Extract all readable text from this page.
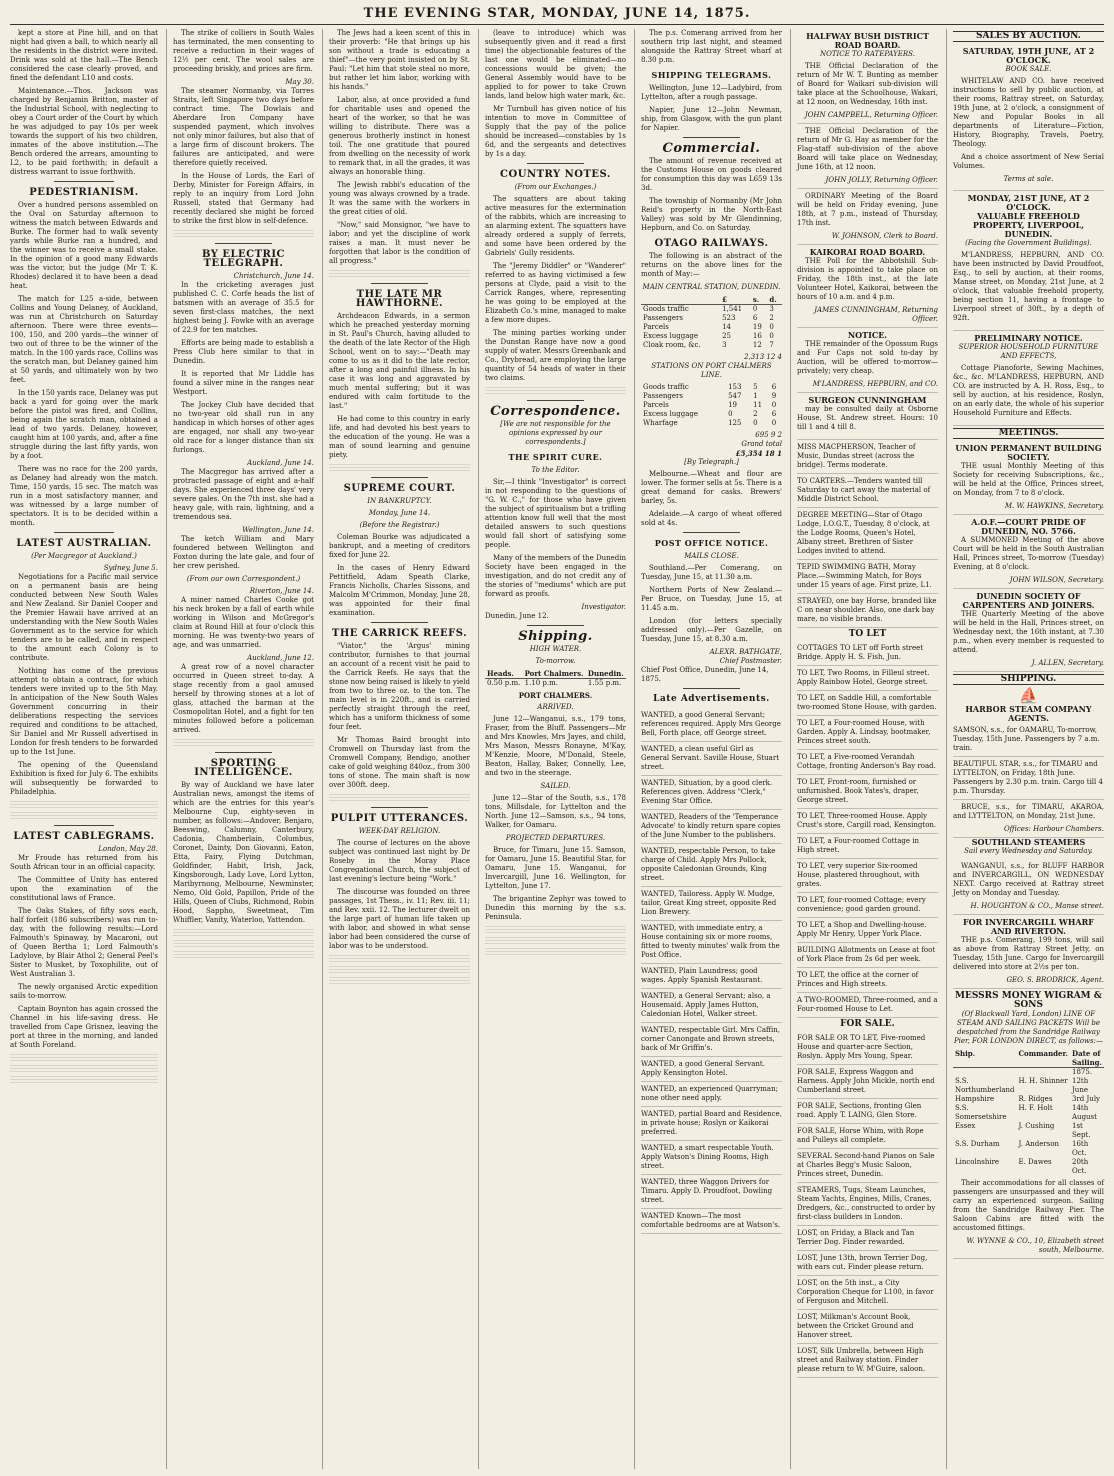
THE EVENING STAR, MONDAY, JUNE 14, 1875.

kept a store at Pine hill, and on that night had given a ball, to which nearly all the residents in the district were invited. Drink was sold at the hall.—The Bench considered the case clearly proved, and fined the defendant L10 and costs.

Maintenance.—Thos. Jackson was charged by Benjamin Britton, master of the Industrial School, with neglecting to obey a Court order of the Court by which he was adjudged to pay 10s per week towards the support of his two children, inmates of the above institution.—The Bench ordered the arrears, amounting to L2, to be paid forthwith; in default a distress warrant to issue forthwith.

PEDESTRIANISM.

Over a hundred persons assembled on the Oval on Saturday afternoon to witness the match between Edwards and Burke. The former had to walk seventy yards while Burke ran a hundred, and the winner was to receive a small stake. In the opinion of a good many Edwards was the victor, but the judge (Mr T. K. Rhodes) declared it to have been a dead heat.

The match for L25 a-side, between Collins and Young Delaney, of Auckland, was run at Christchurch on Saturday afternoon. There were three events—100, 150, and 200 yards—the winner of two out of three to be the winner of the match. In the 100 yards race, Collins was the scratch man, but Delaney gained him at 50 yards, and ultimately won by two feet.

In the 150 yards race, Delaney was put back a yard for going over the mark before the pistol was fired, and Collins, being again the scratch man, obtained a lead of two yards. Delaney, however, caught him at 100 yards, and, after a fine struggle during the last fifty yards, won by a foot.

There was no race for the 200 yards, as Delaney had already won the match. Time, 150 yards, 15 sec. The match was run in a most satisfactory manner, and was witnessed by a large number of spectators. It is to be decided within a month.

LATEST AUSTRALIAN.
(Per Macgregor at Auckland.)
Sydney, June 5.

Negotiations for a Pacific mail service on a permanent basis are being conducted between New South Wales and New Zealand. Sir Daniel Cooper and the Premier Hawaii have arrived at an understanding with the New South Wales Government as to the service for which tenders are to be called, and in respect to the amount each Colony is to contribute.

Nothing has come of the previous attempt to obtain a contract, for which tenders were invited up to the 5th May. In anticipation of the New South Wales Government concurring in their deliberations respecting the services required and conditions to be attached, Sir Daniel and Mr Russell advertised in London for fresh tenders to be forwarded up to the 1st June.

The opening of the Queensland Exhibition is fixed for July 6. The exhibits will subsequently be forwarded to Philadelphia.

LATEST CABLEGRAMS.
London, May 28.

Mr Froude has returned from his South African tour in an official capacity.

The Committee of Unity has entered upon the examination of the constitutional laws of France.

The Oaks Stakes, of fifty sovs each, half forfeit (186 subscribers) was run to-day, with the following results:—Lord Falmouth's Spinaway, by Macaroni, out of Queen Bertha 1; Lord Falmouth's Ladylove, by Blair Athol 2; General Peel's Sister to Musket, by Toxophilite, out of West Australian 3.

The newly organised Arctic expedition sails to-morrow.

Captain Boynton has again crossed the Channel in his life-saving dress. He travelled from Cape Grisnez, leaving the port at three in the morning, and landed at South Foreland.

The strike of colliers in South Wales has terminated, the men consenting to receive a reduction in their wages of 12½ per cent. The wool sales are proceeding briskly, and prices are firm.

May 30.

The steamer Normanby, via Torres Straits, left Singapore two days before contract time. The Dowlais and Aberdare Iron Company have suspended payment, which involves not only minor failures, but also that of a large firm of discount brokers. The failures are anticipated, and were therefore quietly received.

In the House of Lords, the Earl of Derby, Minister for Foreign Affairs, in reply to an inquiry from Lord John Russell, stated that Germany had recently declared she might be forced to strike the first blow in self-defence.

BY ELECTRIC TELEGRAPH.
Christchurch, June 14.

In the cricketing averages just published C. C. Corfe heads the list of batsmen with an average of 35.5 for seven first-class matches, the next highest being J. Fowke with an average of 22.9 for ten matches.

Efforts are being made to establish a Press Club here similar to that in Dunedin.

It is reported that Mr Liddle has found a silver mine in the ranges near Westport.

The Jockey Club have decided that no two-year old shall run in any handicap in which horses of other ages are engaged, nor shall any two-year old race for a longer distance than six furlongs.

Auckland, June 14.

The Macgregor has arrived after a protracted passage of eight and a-half days. She experienced three days' very severe gales. On the 7th inst. she had a heavy gale, with rain, lightning, and a tremendous sea.

Wellington, June 14.

The ketch William and Mary foundered between Wellington and Foxton during the late gale, and four of her crew perished.

(From our own Correspondent.)
Riverton, June 14.

A miner named Charles Cooke got his neck broken by a fall of earth while working in Wilson and McGregor's claim at Round Hill at four o'clock this morning. He was twenty-two years of age, and was unmarried.

Auckland, June 12.

A great row of a novel character occurred in Queen street to-day. A stage recently from a gaol amused herself by throwing stones at a lot of glass, attached the barman at the Cosmopolitan Hotel, and a fight for ten minutes followed before a policeman arrived.

SPORTING INTELLIGENCE.

By way of Auckland we have later Australian news, amongst the items of which are the entries for this year's Melbourne Cup, eighty-seven in number, as follows:—Andover, Benjaro, Beeswing, Calumny, Canterbury, Cadonia, Chamberlain, Columbus, Coronet, Dainty, Don Giovanni, Eaton, Etta, Fairy, Flying Dutchman, Goldfinder, Habit, Irish, Jack, Kingsborough, Lady Love, Lord Lytton, Maribyrnong, Melbourne, Newminster, Nemo, Old Gold, Papillon, Pride of the Hills, Queen of Clubs, Richmond, Robin Hood, Sappho, Sweetmeat, Tim Whiffler, Vanity, Waterloo, Yattendon.

The Jews had a keen scent of this in their proverb: "He that brings up his son without a trade is educating a thief"—the very point insisted on by St. Paul: "Let him that stole steal no more, but rather let him labor, working with his hands."

Labor, also, at once provided a fund for charitable uses and opened the heart of the worker, so that he was willing to distribute. There was a generous brotherly instinct in honest toil. The one gratitude that poured from dwelling on the necessity of work to remark that, in all the grades, it was always an honorable thing.

The Jewish rabbi's education of the young was always crowned by a trade. It was the same with the workers in the great cities of old.

"Now," said Monsignor, "we have to labor; and yet the discipline of work raises a man. It must never be forgotten that labor is the condition of all progress."

THE LATE MR HAWTHORNE.

Archdeacon Edwards, in a sermon which he preached yesterday morning in St. Paul's Church, having alluded to the death of the late Rector of the High School, went on to say:—"Death may come to us as it did to the late rector, after a long and painful illness. In his case it was long and aggravated by much mental suffering; but it was endured with calm fortitude to the last."

He had come to this country in early life, and had devoted his best years to the education of the young. He was a man of sound learning and genuine piety.

SUPREME COURT.
IN BANKRUPTCY.
Monday, June 14.
(Before the Registrar.)

Coleman Bourke was adjudicated a bankrupt, and a meeting of creditors fixed for June 22.

In the cases of Henry Edward Pettitfield, Adam Speath Clarke, Francis Nicholls, Charles Sissons, and Malcolm M'Crimmon, Monday, June 28, was appointed for their final examination.

THE CARRICK REEFS.

"Viator," the 'Argus' mining contributor, furnishes to that journal an account of a recent visit he paid to the Carrick Reefs. He says that the stone now being raised is likely to yield from two to three oz. to the ton. The main level is in 220ft., and is carried perfectly straight through the reef, which has a uniform thickness of some four feet.

Mr Thomas Baird brought into Cromwell on Thursday last from the Cromwell Company, Bendigo, another cake of gold weighing 840oz., from 300 tons of stone. The main shaft is now over 300ft. deep.

PULPIT UTTERANCES.
WEEK-DAY RELIGION.

The course of lectures on the above subject was continued last night by Dr Roseby in the Moray Place Congregational Church, the subject of last evening's lecture being "Work."

The discourse was founded on three passages, 1st Thess., iv. 11; Rev. iii. 11; and Rev. xxii. 12. The lecturer dwelt on the large part of human life taken up with labor, and showed in what sense labor had been considered the curse of labor was to be understood.

(leave to introduce) which was subsequently given and it read a first time) the objectionable features of the last one would be eliminated—no concessions would be given; the General Assembly would have to be applied to for power to take Crown lands, land below high water mark, &c.

Mr Turnbull has given notice of his intention to move in Committee of Supply that the pay of the police should be increased—constables by 1s 6d, and the sergeants and detectives by 1s a day.

COUNTRY NOTES.
(From our Exchanges.)

The squatters are about taking active measures for the extermination of the rabbits, which are increasing to an alarming extent. The squatters have already ordered a supply of ferrets, and some have been ordered by the Gabriels' Gully residents.

The "Jeremy Diddler" or "Wanderer" referred to as having victimised a few persons at Clyde, paid a visit to the Carrick Ranges, where, representing he was going to be employed at the Elizabeth Co.'s mine, managed to make a few more dupes.

The mining parties working under the Dunstan Range have now a good supply of water. Messrs Greenbank and Co., Drybread, are employing the large quantity of 54 heads of water in their two claims.

Correspondence.
[We are not responsible for the opinions expressed by our correspondents.]
THE SPIRIT CURE.
To the Editor.

Sir,—I think "Investigator" is correct in not responding to the questions of "G. W. C.," for those who have given the subject of spiritualism but a trifling attention know full well that the most detailed answers to such questions would fall short of satisfying some people.

Many of the members of the Dunedin Society have been engaged in the investigation, and do not credit any of the stories of "mediums" which are put forward as proofs.

Investigator.
Dunedin, June 12.
Shipping.
HIGH WATER.
To-morrow.
Heads.	Port Chalmers.	Dunedin.
0.50 p.m.	1.10 p.m.	1.55 p.m.
PORT CHALMERS.
ARRIVED.

June 12—Wanganui, s.s., 179 tons, Fraser, from the Bluff. Passengers—Mr and Mrs Knowles, Mrs Jayes, and child, Mrs Mason, Messrs Ronayne, M'Kay, M'Kenzie, Moore, M'Donald, Steele, Beaton, Hallay, Baker, Connelly, Lee, and two in the steerage.

SAILED.

June 12—Star of the South, s.s., 178 tons, Millsdale, for Lyttelton and the North. June 12—Samson, s.s., 94 tons, Walker, for Oamaru.

PROJECTED DEPARTURES.

Bruce, for Timaru, June 15. Samson, for Oamaru, June 15. Beautiful Star, for Oamaru, June 15. Wanganui, for Invercargill, June 16. Wellington, for Lyttelton, June 17.

The brigantine Zephyr was towed to Dunedin this morning by the s.s. Peninsula.

The p.s. Comerang arrived from her southern trip last night, and steamed alongside the Rattray Street wharf at 8.30 p.m.

SHIPPING TELEGRAMS.

Wellington, June 12—Ladybird, from Lyttelton, after a rough passage.

Napier, June 12—John Newman, ship, from Glasgow, with the gun plant for Napier.

Commercial.

The amount of revenue received at the Customs House on goods cleared for consumption this day was L659 13s 3d.

The township of Normanby (Mr John Reid's property in the North-East Valley) was sold by Mr Glendinning, Hepburn, and Co. on Saturday.

OTAGO RAILWAYS.

The following is an abstract of the returns on the above lines for the month of May:—

MAIN CENTRAL STATION, DUNEDIN.
	£	s.	d.
Goods traffic	1,541	0	3
Passengers	523	6	2
Parcels	14	19	0
Excess luggage	25	16	0
Cloak room, &c.	3	12	7
2,313 12 4
STATIONS ON PORT CHALMERS LINE.
Goods traffic	153	5	6
Passengers	547	1	9
Parcels	19	11	0
Excess luggage	0	2	6
Wharfage	125	0	0
695 9 2
Grand total
£5,354 18 1
[By Telegraph.]

Melbourne.—Wheat and flour are lower. The former sells at 5s. There is a great demand for casks. Brewers' barley, 5s.

Adelaide.—A cargo of wheat offered sold at 4s.

POST OFFICE NOTICE.
MAILS CLOSE.

Southland.—Per Comerang, on Tuesday, June 15, at 11.30 a.m.

Northern Ports of New Zealand.—Per Bruce, on Tuesday, June 15, at 11.45 a.m.

London (for letters specially addressed only).—Per Gazelle, on Tuesday, June 15, at 8.30 a.m.

ALEXR. BATHGATE,
Chief Postmaster.
Chief Post Office, Dunedin, June 14, 1875.
Late Advertisements.
WANTED, a good General Servant; references required. Apply Mrs George Bell, Forth place, off George street.
WANTED, a clean useful Girl as General Servant. Saville House, Stuart street.
WANTED, Situation, by a good clerk. References given. Address "Clerk," Evening Star Office.
WANTED, Readers of the 'Temperance Advocate' to kindly return spare copies of the June Number to the publishers.
WANTED, respectable Person, to take charge of Child. Apply Mrs Pollock, opposite Caledonian Grounds, King street.
WANTED, Tailoress. Apply W. Mudge, tailor, Great King street, opposite Red Lion Brewery.
WANTED, with immediate entry, a House containing six or more rooms, fitted to twenty minutes' walk from the Post Office.
WANTED, Plain Laundress; good wages. Apply Spanish Restaurant.
WANTED, a General Servant; also, a Housemaid. Apply James Hutton, Caledonian Hotel, Walker street.
WANTED, respectable Girl. Mrs Caffin, corner Canongate and Brown streets, back of Mr Griffin's.
WANTED, a good General Servant. Apply Kensington Hotel.
WANTED, an experienced Quarryman; none other need apply.
WANTED, partial Board and Residence, in private house; Roslyn or Kaikorai preferred.
WANTED, a smart respectable Youth. Apply Watson's Dining Rooms, High street.
WANTED, three Waggon Drivers for Timaru. Apply D. Proudfoot, Dowling street.
WANTED Known—The most comfortable bedrooms are at Watson's.
HALFWAY BUSH DISTRICT ROAD BOARD.
NOTICE TO RATEPAYERS.

THE Official Declaration of the return of Mr W. T. Bunting as member of Board for Waikari sub-division will take place at the Schoolhouse, Wakari, at 12 noon, on Wednesday, 16th inst.

JOHN CAMPBELL, Returning Officer.

THE Official Declaration of the return of Mr G. Hay as member for the Flag-staff sub-division of the above Board will take place on Wednesday, June 16th, at 12 noon.

JOHN JOLLY, Returning Officer.

ORDINARY Meeting of the Board will be held on Friday evening, June 18th, at 7 p.m., instead of Thursday, 17th inst.

W. JOHNSON, Clerk to Board.
KAIKORAI ROAD BOARD.

THE Poll for the Abbotshill Sub-division is appointed to take place on Friday, the 18th inst., at the late Volunteer Hotel, Kaikorai, between the hours of 10 a.m. and 4 p.m.

JAMES CUNNINGHAM, Returning Officer.
NOTICE.

THE remainder of the Opossum Rugs and Fur Caps not sold to-day by Auction, will be offered to-morrow—privately; very cheap.

M'LANDRESS, HEPBURN, and CO.
SURGEON CUNNINGHAM

may be consulted daily at Osborne House, St. Andrew street. Hours: 10 till 1 and 4 till 8.

MISS MACPHERSON, Teacher of Music, Dundas street (across the bridge). Terms moderate.
TO CARTERS.—Tenders wanted till Saturday to cart away the material of Middle District School.
DEGREE MEETING—Star of Otago Lodge, I.O.G.T., Tuesday, 8 o'clock, at the Lodge Rooms, Queen's Hotel, Albany street. Brethren of Sister Lodges invited to attend.
TEPID SWIMMING BATH, Moray Place.—Swimming Match, for Boys under 15 years of age. First prize, L1.
STRAYED, one bay Horse, branded like C on near shoulder. Also, one dark bay mare, no visible brands.
TO LET
COTTAGES TO LET off Forth street Bridge. Apply H. S. Fish, Jun.
TO LET, Two Rooms, in Filleul street. Apply Rainbow Hotel, George street.
TO LET, on Saddle Hill, a comfortable two-roomed Stone House, with garden.
TO LET, a Four-roomed House, with Garden. Apply A. Lindsay, bootmaker, Princes street south.
TO LET, a Five-roomed Verandah Cottage, fronting Anderson's Bay road.
TO LET, Front-room, furnished or unfurnished. Book Yates's, draper, George street.
TO LET, Three-roomed House. Apply Crust's store, Cargill road, Kensington.
TO LET, a Four-roomed Cottage in High street.
TO LET, very superior Six-roomed House, plastered throughout, with grates.
TO LET, four-roomed Cottage; every convenience; good garden ground.
TO LET, a Shop and Dwelling-house. Apply Mr Henry, Upper York Place.
BUILDING Allotments on Lease at foot of York Place from 2s 6d per week.
TO LET, the office at the corner of Princes and High streets.
A TWO-ROOMED, Three-roomed, and a Four-roomed House to Let.
FOR SALE.
FOR SALE OR TO LET, Five-roomed House and quarter-acre Section, Roslyn. Apply Mrs Young, Spear.
FOR SALE, Express Waggon and Harness. Apply John Mickle, north end Cumberland street.
FOR SALE, Sections, fronting Glen road. Apply T. LAING, Glen Store.
FOR SALE, Horse Whim, with Rope and Pulleys all complete.
SEVERAL Second-hand Pianos on Sale at Charles Begg's Music Saloon, Princes street, Dunedin.
STEAMERS, Tugs, Steam Launches, Steam Yachts, Engines, Mills, Cranes, Dredgers, &c., constructed to order by first-class builders in London.
LOST, on Friday, a Black and Tan Terrier Dog. Finder rewarded.
LOST, June 13th, brown Terrier Dog, with ears cut. Finder please return.
LOST, on the 5th inst., a City Corporation Cheque for L100, in favor of Ferguson and Mitchell.
LOST, Milkman's Account Book, between the Cricket Ground and Hanover street.
LOST, Silk Umbrella, between High street and Railway station. Finder please return to W. M'Guire, saloon.
SALES BY AUCTION.
SATURDAY, 19TH JUNE, AT 2 O'CLOCK.
BOOK SALE.

WHITELAW AND CO. have received instructions to sell by public auction, at their rooms, Rattray street, on Saturday, 19th June, at 2 o'clock, a consignment of New and Popular Books in all departments of Literature—Fiction, History, Biography, Travels, Poetry, Theology.

And a choice assortment of New Serial Volumes.

Terms at sale.
MONDAY, 21ST JUNE, AT 2 O'CLOCK.
VALUABLE FREEHOLD PROPERTY, LIVERPOOL, DUNEDIN.
(Facing the Government Buildings).

M'LANDRESS, HEPBURN, AND CO. have been instructed by David Proudfoot, Esq., to sell by auction, at their rooms, Manse street, on Monday, 21st June, at 2 o'clock, that valuable freehold property, being section 11, having a frontage to Liverpool street of 30ft., by a depth of 92ft.

PRELIMINARY NOTICE.
SUPERIOR HOUSEHOLD FURNITURE AND EFFECTS,

Cottage Pianoforte, Sewing Machines, &c., &c. M'LANDRESS, HEPBURN, AND CO. are instructed by A. H. Ross, Esq., to sell by auction, at his residence, Roslyn, on an early date, the whole of his superior Household Furniture and Effects.

MEETINGS.
UNION PERMANENT BUILDING SOCIETY.

THE usual Monthly Meeting of this Society for receiving Subscriptions, &c., will be held at the Office, Princes street, on Monday, from 7 to 8 o'clock.

M. W. HAWKINS, Secretary.
A.O.F.—COURT PRIDE OF DUNEDIN, NO. 5766.

A SUMMONED Meeting of the above Court will be held in the South Australian Hall, Princes street, To-morrow (Tuesday) Evening, at 8 o'clock.

JOHN WILSON, Secretary.
DUNEDIN SOCIETY OF CARPENTERS AND JOINERS.

THE Quarterly Meeting of the above will be held in the Hall, Princes street, on Wednesday next, the 16th instant, at 7.30 p.m., when every member is requested to attend.

J. ALLEN, Secretary.
SHIPPING.
⛵
HARBOR STEAM COMPANY AGENTS.
SAMSON, s.s., for OAMARU, To-morrow, Tuesday, 15th June. Passengers by 7 a.m. train.
BEAUTIFUL STAR, s.s., for TIMARU and LYTTELTON, on Friday, 18th June. Passengers by 2.30 p.m. train. Cargo till 4 p.m. Thursday.

BRUCE, s.s., for TIMARU, AKAROA, and LYTTELTON, on Monday, 21st June.

Offices: Harbour Chambers.
SOUTHLAND STEAMERS
Sail every Wednesday and Saturday.

WANGANUI, s.s., for BLUFF HARBOR and INVERCARGILL, ON WEDNESDAY NEXT. Cargo received at Rattray street Jetty on Monday and Tuesday.

H. HOUGHTON & CO., Manse street.
FOR INVERCARGILL WHARF AND RIVERTON.

THE p.s. Comerang, 199 tons, will sail as above from Rattray Street Jetty, on Tuesday, 15th June. Cargo for Invercargill delivered into store at 2½s per ton.

GEO. S. BRODRICK, Agent.
MESSRS MONEY WIGRAM & SONS
(Of Blackwall Yard, London) LINE OF STEAM AND SAILING PACKETS Will be despatched from the Sandridge Railway Pier, FOR LONDON DIRECT, as follows:—
Ship.	Commander.	Date of Sailing.
		1875.
S.S. Northumberland	H. H. Shinner	12th June
Hampshire	R. Ridges	3rd July
S.S. Somersetshire	H. F. Holt	14th August
Essex	J. Cushing	1st Sept.
S.S. Durham	J. Anderson	16th Oct.
Lincolnshire	E. Dawes	20th Oct.

Their accommodations for all classes of passengers are unsurpassed and they will carry an experienced surgeon. Sailing from the Sandridge Railway Pier. The Saloon Cabins are fitted with the accustomed fittings.

W. WYNNE & CO., 10, Elizabeth street south, Melbourne.
